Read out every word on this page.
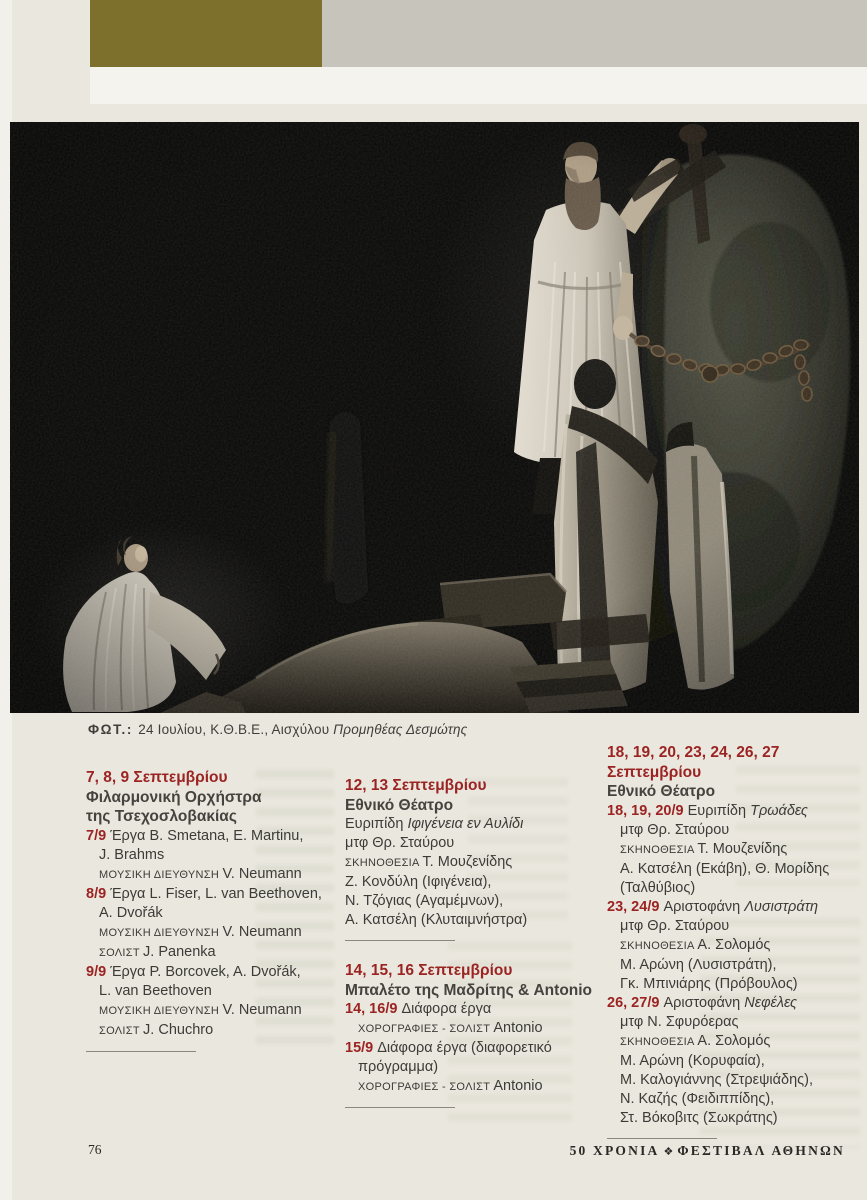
ΦΩΤ.: 24 Ιουλίου, Κ.Θ.Β.Ε., Αισχύλου Προμηθέας Δεσμώτης
7, 8, 9 Σεπτεμβρίου
Φιλαρμονική Ορχήστρα
της Τσεχοσλοβακίας
7/9 Έργα B. Smetana, E. Martinu,
J. Brahms
ΜΟΥΣΙΚΗ ΔΙΕΥΘΥΝΣΗ V. Neumann
8/9 Έργα L. Fiser, L. van Beethoven,
A. Dvořák
ΜΟΥΣΙΚΗ ΔΙΕΥΘΥΝΣΗ V. Neumann
ΣΟΛΙΣΤ J. Panenka
9/9 Έργα P. Borcovek, A. Dvořák,
L. van Beethoven
ΜΟΥΣΙΚΗ ΔΙΕΥΘΥΝΣΗ V. Neumann
ΣΟΛΙΣΤ J. Chuchro
12, 13 Σεπτεμβρίου
Εθνικό Θέατρο
Ευριπίδη Ιφιγένεια εν Αυλίδι
μτφ Θρ. Σταύρου
ΣΚΗΝΟΘΕΣΙΑ Τ. Μουζενίδης
Ζ. Κονδύλη (Ιφιγένεια),
Ν. Τζόγιας (Αγαμέμνων),
Α. Κατσέλη (Κλυταιμνήστρα)
14, 15, 16 Σεπτεμβρίου
Μπαλέτο της Μαδρίτης & Antonio
14, 16/9 Διάφορα έργα
ΧΟΡΟΓΡΑΦΙΕΣ - ΣΟΛΙΣΤ Antonio
15/9 Διάφορα έργα (διαφορετικό
πρόγραμμα)
ΧΟΡΟΓΡΑΦΙΕΣ - ΣΟΛΙΣΤ Antonio
18, 19, 20, 23, 24, 26, 27 Σεπτεμβρίου
Εθνικό Θέατρο
18, 19, 20/9 Ευριπίδη Τρωάδες
μτφ Θρ. Σταύρου
ΣΚΗΝΟΘΕΣΙΑ Τ. Μουζενίδης
Α. Κατσέλη (Εκάβη), Θ. Μορίδης
(Ταλθύβιος)
23, 24/9 Αριστοφάνη Λυσιστράτη
μτφ Θρ. Σταύρου
ΣΚΗΝΟΘΕΣΙΑ Α. Σολομός
Μ. Αρώνη (Λυσιστράτη),
Γκ. Μπινιάρης (Πρόβουλος)
26, 27/9 Αριστοφάνη Νεφέλες
μτφ Ν. Σφυρόερας
ΣΚΗΝΟΘΕΣΙΑ Α. Σολομός
Μ. Αρώνη (Κορυφαία),
Μ. Καλογιάννης (Στρεψιάδης),
Ν. Καζής (Φειδιππίδης),
Στ. Βόκοβιτς (Σωκράτης)
76	50 ΧΡΟΝΙΑ ❖ ΦΕΣΤΙΒΑΛ ΑΘΗΝΩΝ
